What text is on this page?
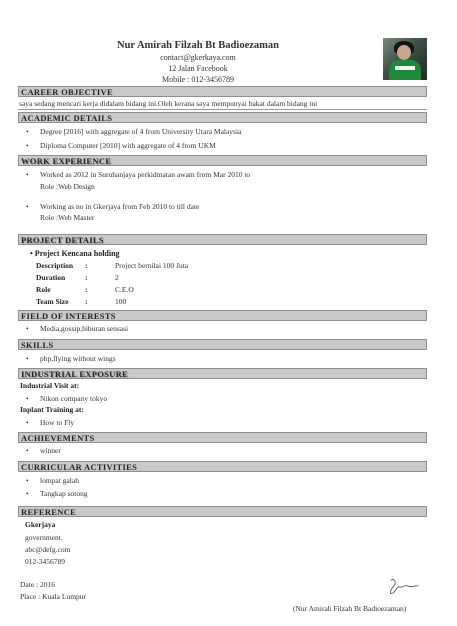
Nur Amirah Filzah Bt Badioezaman
contact@gkerkaya.com
12 Jalan Facebook
Mobile : 012-3456789
CAREER OBJECTIVE
saya sedang mencari kerja didalam bidang ini.Oleh kerana saya mempunyai bakat dalam bidang ini
ACADEMIC DETAILS
• Degree [2016] with aggregate of 4 from University Utara Malaysia
• Diploma Computer [2010] with aggregate of 4 from UKM
WORK EXPERIENCE
• Worked as 2012 in Suruhanjaya perkidmatan awam from Mar 2010 to
Role :Web Design
• Working as no in Gkerjaya from Feb 2010 to till date
Role :Web Master
PROJECT DETAILS
• Project Kencana holding
Description :	Project bernilai 100 Juta
Duration	:	2
Role	:	C.E.O
Team Size :	100
FIELD OF INTERESTS
• Media,gossip,hiburan sensasi
SKILLS
• php,flying without wings
INDUSTRIAL EXPOSURE
Industrial Visit at:
• Nikon company tokyo
Inplant Training at:
• How to Fly
ACHIEVEMENTS
• winner
CURRICULAR ACTIVITIES
• lompat galah
• Tangkap sotong
REFERENCE
Gkerjaya
government.
abc@defg.com
012-3456789
Date : 2016
Place : Kuala Lumpur
(Nur Amirah Filzah Bt Badioezaman)
